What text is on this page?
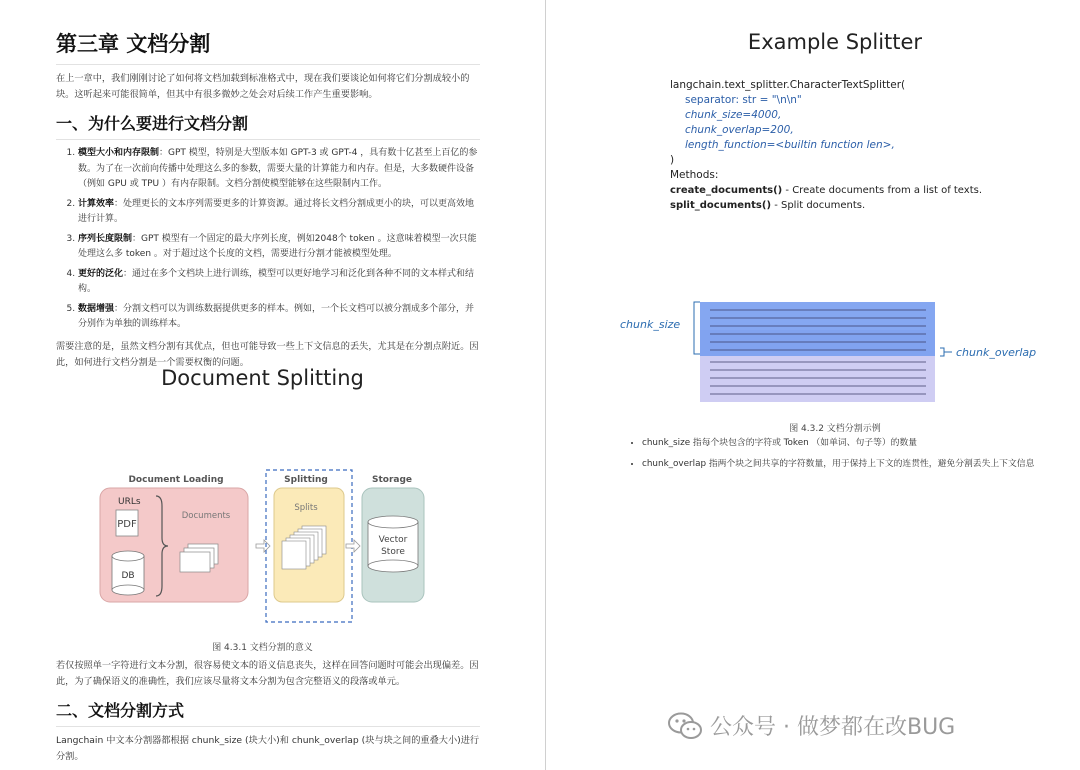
第三章 文档分割

在上一章中，我们刚刚讨论了如何将文档加载到标准格式中，现在我们要谈论如何将它们分割成较小的块。这听起来可能很简单，但其中有很多微妙之处会对后续工作产生重要影响。

一、为什么要进行文档分割
1. 模型大小和内存限制：GPT 模型，特别是大型版本如 GPT-3 或 GPT-4 ，具有数十亿甚至上百亿的参数。为了在一次前向传播中处理这么多的参数，需要大量的计算能力和内存。但是，大多数硬件设备（例如 GPU 或 TPU ）有内存限制。文档分割使模型能够在这些限制内工作。
2. 计算效率：处理更长的文本序列需要更多的计算资源。通过将长文档分割成更小的块，可以更高效地进行计算。
3. 序列长度限制：GPT 模型有一个固定的最大序列长度，例如2048个 token 。这意味着模型一次只能处理这么多 token 。对于超过这个长度的文档，需要进行分割才能被模型处理。
4. 更好的泛化：通过在多个文档块上进行训练，模型可以更好地学习和泛化到各种不同的文本样式和结构。
5. 数据增强：分割文档可以为训练数据提供更多的样本。例如，一个长文档可以被分割成多个部分，并分别作为单独的训练样本。

需要注意的是，虽然文档分割有其优点，但也可能导致一些上下文信息的丢失，尤其是在分割点附近。因此，如何进行文档分割是一个需要权衡的问题。

Document Splitting
Document Loading	Splitting	Storage
URLs
PDF
DB
Documents
Splits
Vector
Store
图 4.3.1 文档分割的意义

若仅按照单一字符进行文本分割，很容易使文本的语义信息丧失，这样在回答问题时可能会出现偏差。因此，为了确保语义的准确性，我们应该尽量将文本分割为包含完整语义的段落或单元。

二、文档分割方式

Langchain 中文本分割器都根据 chunk_size (块大小)和 chunk_overlap (块与块之间的重叠大小)进行分割。

Example Splitter
langchain.text_splitter.CharacterTextSplitter(
separator: str = "\n\n"
chunk_size=4000,
chunk_overlap=200,
length_function=<builtin function len>,
)
Methods:
create_documents() - Create documents from a list of texts.
split_documents() - Split documents.
chunk_size
chunk_overlap
图 4.3.2 文档分割示例
• chunk_size 指每个块包含的字符或 Token （如单词、句子等）的数量
• chunk_overlap 指两个块之间共享的字符数量，用于保持上下文的连贯性，避免分割丢失上下文信息
公众号 · 做梦都在改BUG
